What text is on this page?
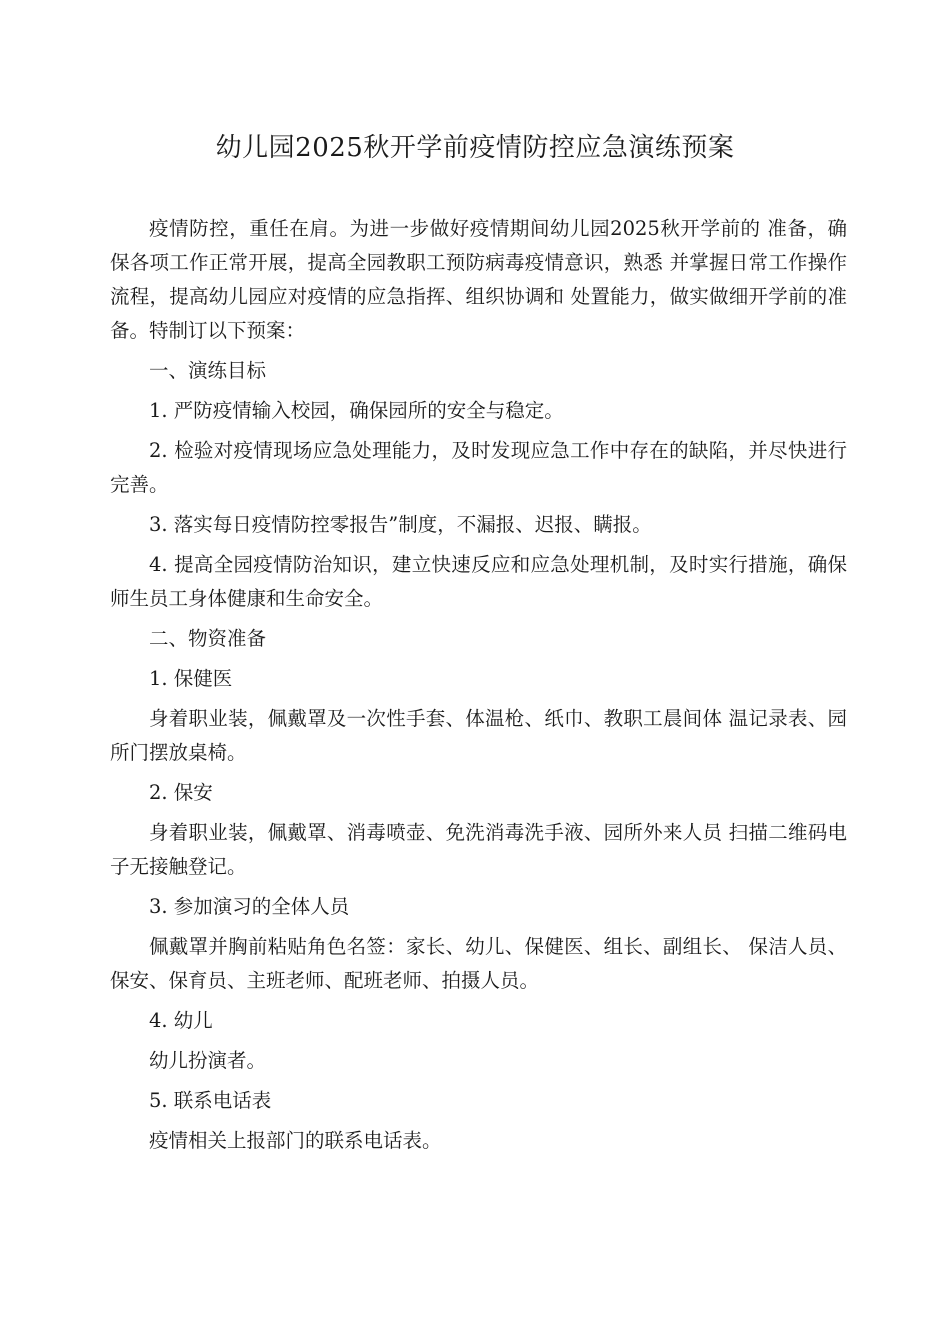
幼儿园2025秋开学前疫情防控应急演练预案

疫情防控，重任在肩。为进一步做好疫情期间幼儿园2025秋开学前的 准备，确保各项工作正常开展，提高全园教职工预防病毒疫情意识，熟悉 并掌握日常工作操作流程，提高幼儿园应对疫情的应急指挥、组织协调和 处置能力，做实做细开学前的准备。特制订以下预案：

一、演练目标

1. 严防疫情输入校园，确保园所的安全与稳定。

2. 检验对疫情现场应急处理能力，及时发现应急工作中存在的缺陷，并尽快进行完善。

3. 落实每日疫情防控零报告”制度，不漏报、迟报、瞒报。

4. 提高全园疫情防治知识，建立快速反应和应急处理机制，及时实行措施，确保师生员工身体健康和生命安全。

二、物资准备

1. 保健医

身着职业装，佩戴罩及一次性手套、体温枪、纸巾、教职工晨间体 温记录表、园所门摆放桌椅。

2. 保安

身着职业装，佩戴罩、消毒喷壶、免洗消毒洗手液、园所外来人员 扫描二维码电子无接触登记。

3. 参加演习的全体人员

佩戴罩并胸前粘贴角色名签：家长、幼儿、保健医、组长、副组长、 保洁人员、保安、保育员、主班老师、配班老师、拍摄人员。

4. 幼儿

幼儿扮演者。

5. 联系电话表

疫情相关上报部门的联系电话表。
